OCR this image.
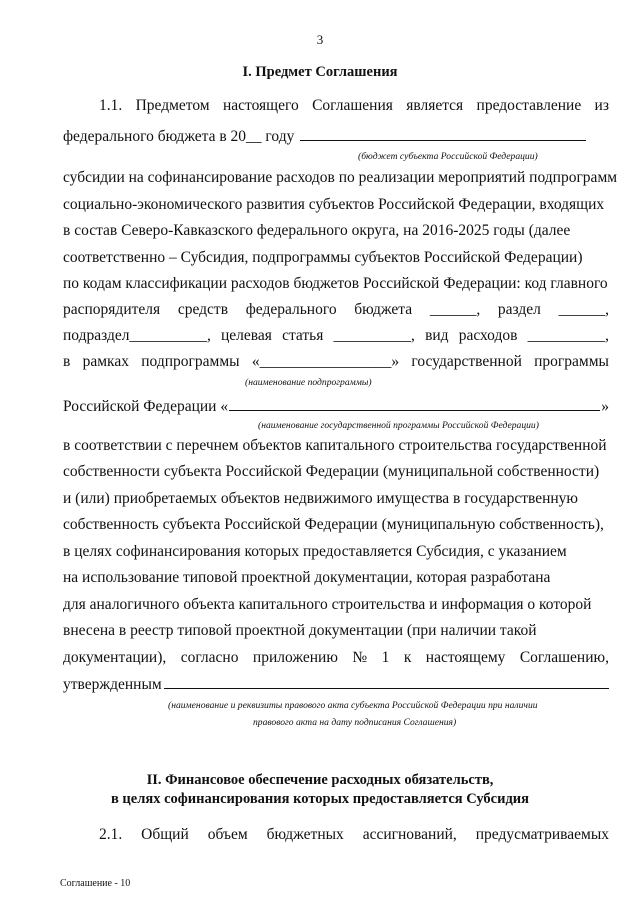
3
I. Предмет Соглашения
1.1. Предметом настоящего Соглашения является предоставление из
федерального бюджета в 20__ году
(бюджет субъекта Российской Федерации)
субсидии на софинансирование расходов по реализации мероприятий подпрограмм
социально-экономического развития субъектов Российской Федерации, входящих
в состав Северо-Кавказского федерального округа, на 2016-2025 годы (далее
соответственно – Субсидия, подпрограммы субъектов Российской Федерации)
по кодам классификации расходов бюджетов Российской Федерации: код главного
распорядителя средств федерального бюджета ______, раздел ______,
подраздел__________, целевая статья __________, вид расходов __________,
в рамках подпрограммы «_________________» государственной программы
(наименование подпрограммы)
Российской Федерации «	»
(наименование государственной программы Российской Федерации)
в соответствии с перечнем объектов капитального строительства государственной
собственности субъекта Российской Федерации (муниципальной собственности)
и (или) приобретаемых объектов недвижимого имущества в государственную
собственность субъекта Российской Федерации (муниципальную собственность),
в целях софинансирования которых предоставляется Субсидия, с указанием
на использование типовой проектной документации, которая разработана
для аналогичного объекта капитального строительства и информация о которой
внесена в реестр типовой проектной документации (при наличии такой
документации), согласно приложению № 1 к настоящему Соглашению,
утвержденным
(наименование и реквизиты правового акта субъекта Российской Федерации при наличии
правового акта на дату подписания Соглашения)
II. Финансовое обеспечение расходных обязательств,
в целях софинансирования которых предоставляется Субсидия
2.1. Общий объем бюджетных ассигнований, предусматриваемых
Соглашение - 10
